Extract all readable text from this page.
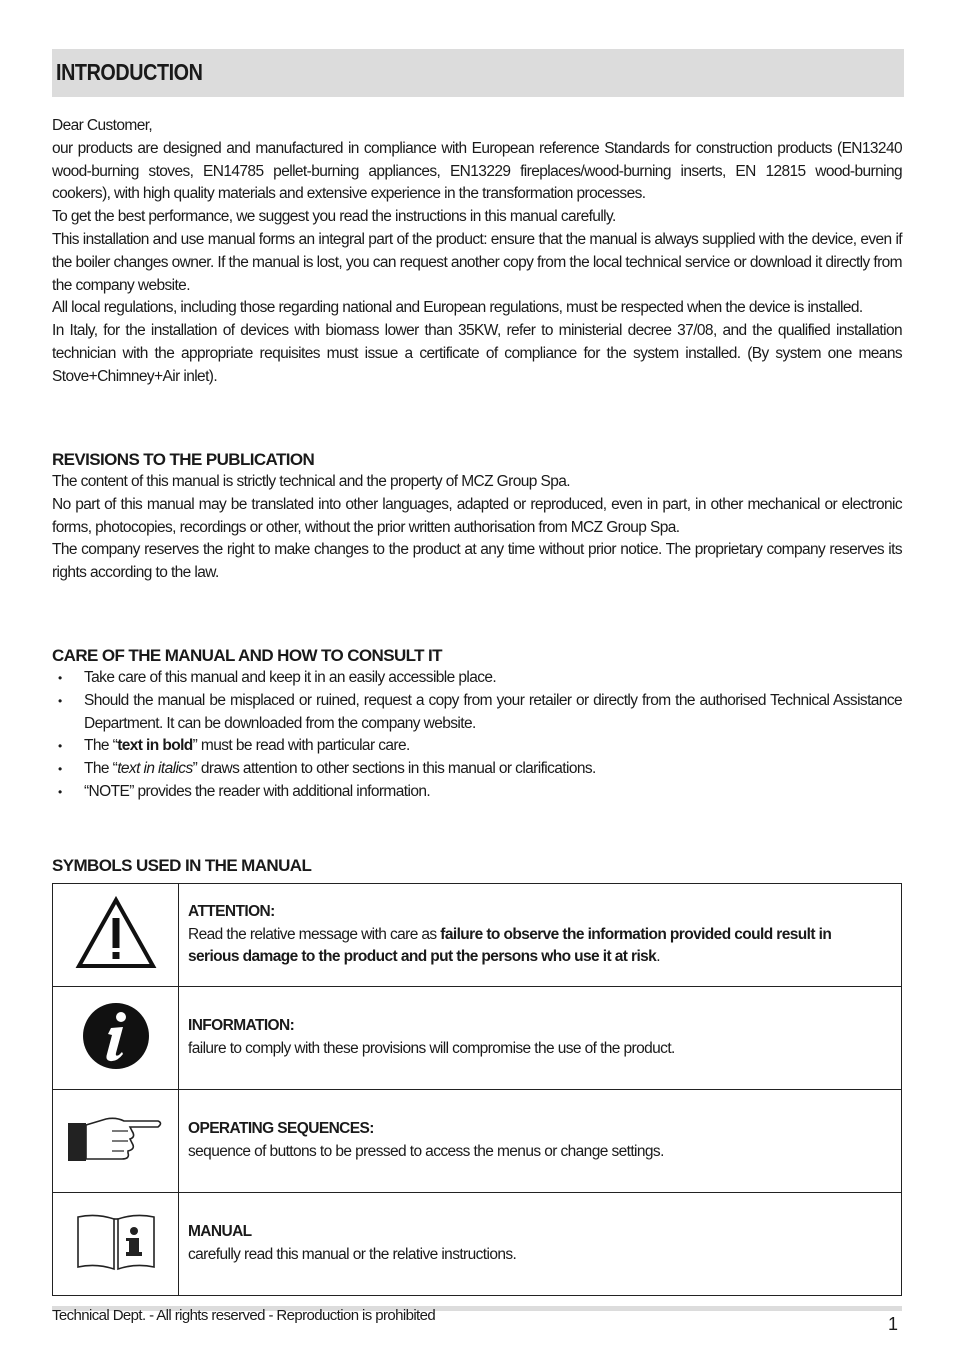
INTRODUCTION

Dear Customer,

our products are designed and manufactured in compliance with European reference Standards for construction products (EN13240 wood-burning stoves, EN14785 pellet-burning appliances, EN13229 fireplaces/wood-burning inserts, EN 12815 wood-burning cookers), with high quality materials and extensive experience in the transformation processes.

To get the best performance, we suggest you read the instructions in this manual carefully.

This installation and use manual forms an integral part of the product: ensure that the manual is always supplied with the device, even if the boiler changes owner. If the manual is lost, you can request another copy from the local technical service or download it directly from the company website.

All local regulations, including those regarding national and European regulations, must be respected when the device is installed.

In Italy, for the installation of devices with biomass lower than 35KW, refer to ministerial decree 37/08, and the qualified installation technician with the appropriate requisites must issue a certificate of compliance for the system installed. (By system one means Stove+Chimney+Air inlet).

REVISIONS TO THE PUBLICATION

The content of this manual is strictly technical and the property of MCZ Group Spa.

No part of this manual may be translated into other languages, adapted or reproduced, even in part, in other mechanical or electronic forms, photocopies, recordings or other, without the prior written authorisation from MCZ Group Spa.

The company reserves the right to make changes to the product at any time without prior notice. The proprietary company reserves its rights according to the law.

CARE OF THE MANUAL AND HOW TO CONSULT IT
• Take care of this manual and keep it in an easily accessible place.
• Should the manual be misplaced or ruined, request a copy from your retailer or directly from the authorised Technical Assistance Department. It can be downloaded from the company website.
• The “text in bold” must be read with particular care.
• The “text in italics” draws attention to other sections in this manual or clarifications.
• “NOTE” provides the reader with additional information.
SYMBOLS USED IN THE MANUAL

ATTENTION:
Read the relative message with care as failure to observe the information provided could result in serious damage to the product and put the persons who use it at risk.

INFORMATION:
failure to comply with these provisions will compromise the use of the product.

OPERATING SEQUENCES:
sequence of buttons to be pressed to access the menus or change settings.

MANUAL
carefully read this manual or the relative instructions.
Technical Dept. - All rights reserved - Reproduction is prohibited	1
